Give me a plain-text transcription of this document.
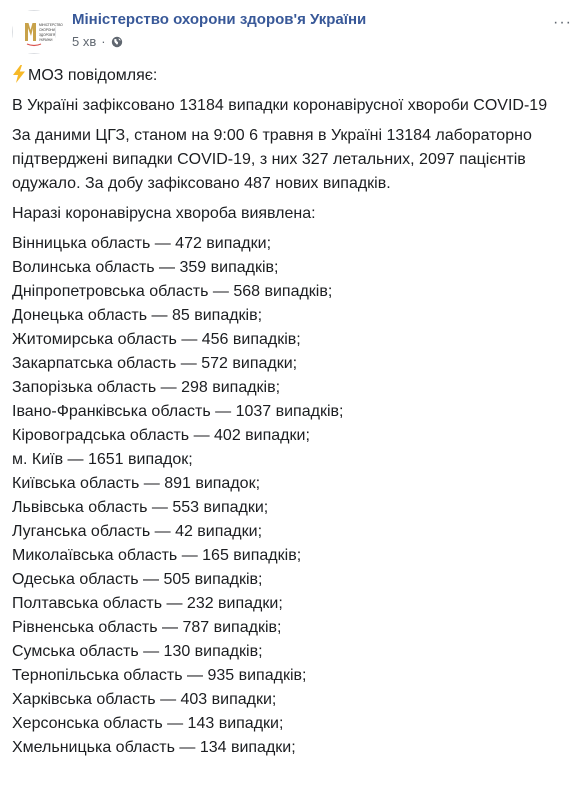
МІНІСТЕРСТВО
ОХОРОНИ
ЗДОРОВ'Я
УКРАЇНИ
Міністерство охорони здоров'я України
5 хв ·
···

МОЗ повідомляє:

В Україні зафіксовано 13184 випадки коронавірусної хвороби COVID-19

За даними ЦГЗ, станом на 9:00 6 травня в Україні 13184 лабораторно підтверджені випадки COVID-19, з них 327 летальних, 2097 пацієнтів одужало. За добу зафіксовано 487 нових випадків.

Наразі коронавірусна хвороба виявлена:

Вінницька область — 472 випадки;
Волинська область — 359 випадків;
Дніпропетровська область — 568 випадків;
Донецька область — 85 випадків;
Житомирська область — 456 випадків;
Закарпатська область — 572 випадки;
Запорізька область — 298 випадків;
Івано-Франківська область — 1037 випадків;
Кіровоградська область — 402 випадки;
м. Київ — 1651 випадок;
Київська область — 891 випадок;
Львівська область — 553 випадки;
Луганська область — 42 випадки;
Миколаївська область — 165 випадків;
Одеська область — 505 випадків;
Полтавська область — 232 випадки;
Рівненська область — 787 випадків;
Сумська область — 130 випадків;
Тернопільська область — 935 випадків;
Харківська область — 403 випадки;
Херсонська область — 143 випадки;
Хмельницька область — 134 випадки;
